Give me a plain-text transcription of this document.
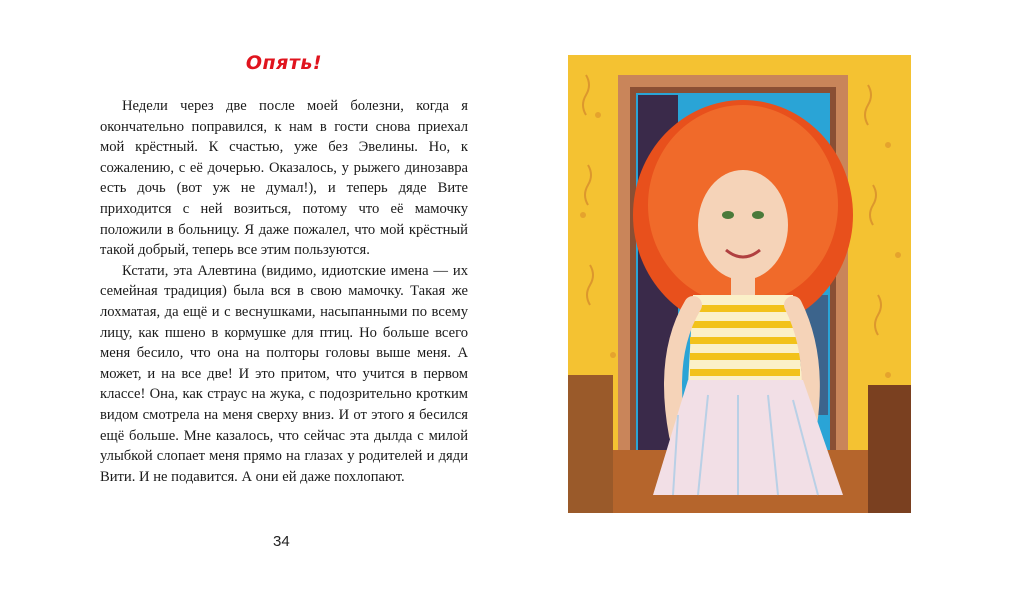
Опять!

Недели через две после моей болезни, когда я окончательно поправился, к нам в гости снова приехал мой крёстный. К счастью, уже без Эвелины. Но, к сожалению, с её дочерью. Оказалось, у рыжего динозавра есть дочь (вот уж не думал!), и теперь дяде Вите приходится с ней возиться, потому что её мамочку положили в больницу. Я даже пожалел, что мой крёстный такой добрый, теперь все этим пользуются.

Кстати, эта Алевтина (видимо, идиотские имена — их семейная традиция) была вся в свою мамочку. Такая же лохматая, да ещё и с веснушками, насыпанными по всему лицу, как пшено в кормушке для птиц. Но больше всего меня бесило, что она на полторы головы выше меня. А может, и на все две! И это притом, что учится в первом классе! Она, как страус на жука, с подозрительно кротким видом смотрела на меня сверху вниз. И от этого я бесился ещё больше. Мне казалось, что сейчас эта дылда с милой улыбкой слопает меня прямо на глазах у родителей и дяди Вити. И не подавится. А они ей даже похлопают.

34
